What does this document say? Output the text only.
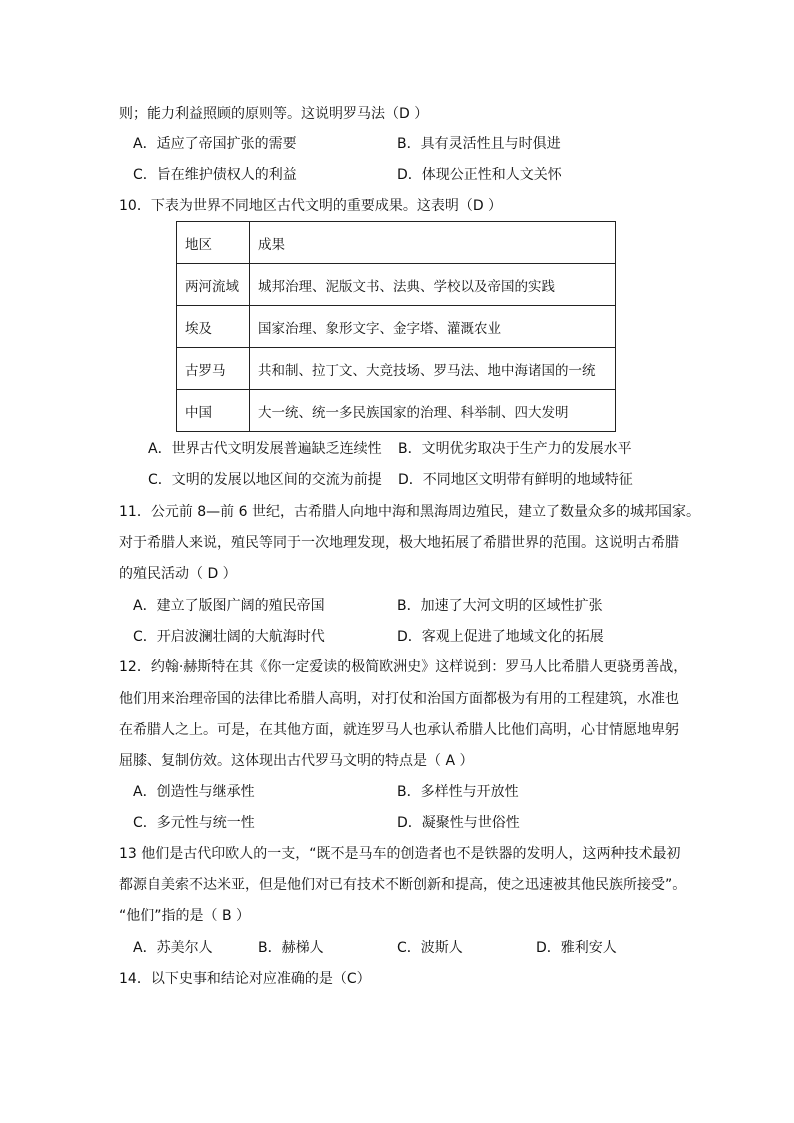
则；能力利益照顾的原则等。这说明罗马法（D ）
A．适应了帝国扩张的需要	B．具有灵活性且与时俱进
C．旨在维护债权人的利益	D．体现公正性和人文关怀
10．下表为世界不同地区古代文明的重要成果。这表明（D ）
地区	成果
两河流域	城邦治理、泥版文书、法典、学校以及帝国的实践
埃及	国家治理、象形文字、金字塔、灌溉农业
古罗马	共和制、拉丁文、大竞技场、罗马法、地中海诸国的一统
中国	大一统、统一多民族国家的治理、科举制、四大发明
A．世界古代文明发展普遍缺乏连续性 B．文明优劣取决于生产力的发展水平
C．文明的发展以地区间的交流为前提 D．不同地区文明带有鲜明的地域特征
11．公元前 8—前 6 世纪，古希腊人向地中海和黑海周边殖民，建立了数量众多的城邦国家。
对于希腊人来说，殖民等同于一次地理发现，极大地拓展了希腊世界的范围。这说明古希腊
的殖民活动（ D ）
A．建立了版图广阔的殖民帝国	B．加速了大河文明的区域性扩张
C．开启波澜壮阔的大航海时代	D．客观上促进了地域文化的拓展
12．约翰·赫斯特在其《你一定爱读的极简欧洲史》这样说到：罗马人比希腊人更骁勇善战，
他们用来治理帝国的法律比希腊人高明，对打仗和治国方面都极为有用的工程建筑，水准也
在希腊人之上。可是，在其他方面，就连罗马人也承认希腊人比他们高明，心甘情愿地卑躬
屈膝、复制仿效。这体现出古代罗马文明的特点是（ A ）
A．创造性与继承性	B．多样性与开放性
C．多元性与统一性	D．凝聚性与世俗性
13 他们是古代印欧人的一支，“既不是马车的创造者也不是铁器的发明人，这两种技术最初
都源自美索不达米亚，但是他们对已有技术不断创新和提高，使之迅速被其他民族所接受”。
“他们”指的是（ B ）
A．苏美尔人	B．赫梯人	C．波斯人	D．雅利安人
14．以下史事和结论对应准确的是（C）
